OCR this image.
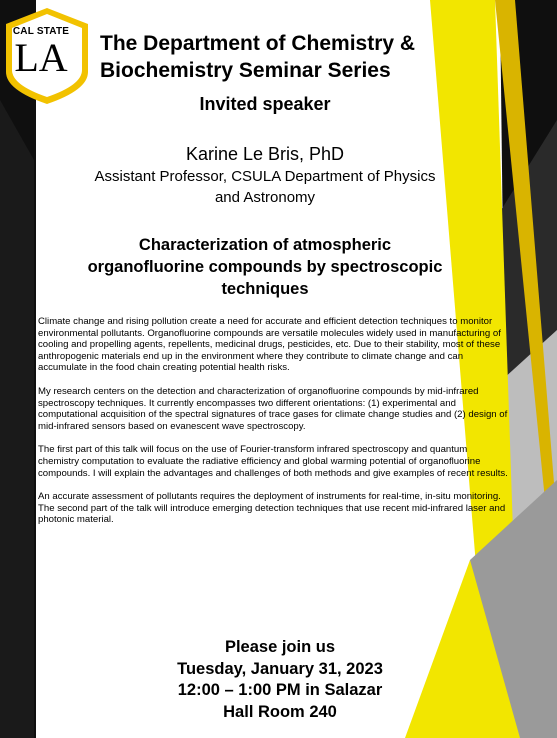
CAL STATE
LA	The Department of Chemistry &
Biochemistry Seminar Series
Invited speaker
Karine Le Bris, PhD
Assistant Professor, CSULA Department of Physics
and Astronomy
Characterization of atmospheric
organofluorine compounds by spectroscopic
techniques

Climate change and rising pollution create a need for accurate and efficient detection techniques to monitor environmental pollutants. Organofluorine compounds are versatile molecules widely used in manufacturing of cooling and propelling agents, repellents, medicinal drugs, pesticides, etc. Due to their stability, most of these anthropogenic materials end up in the environment where they contribute to climate change and can accumulate in the food chain creating potential health risks.

My research centers on the detection and characterization of organofluorine compounds by mid-infrared spectroscopy techniques. It currently encompasses two different orientations: (1) experimental and computational acquisition of the spectral signatures of trace gases for climate change studies and (2) design of mid-infrared sensors based on evanescent wave spectroscopy.

The first part of this talk will focus on the use of Fourier-transform infrared spectroscopy and quantum chemistry computation to evaluate the radiative efficiency and global warming potential of organofluorine compounds. I will explain the advantages and challenges of both methods and give examples of recent results.

An accurate assessment of pollutants requires the deployment of instruments for real-time, in-situ monitoring. The second part of the talk will introduce emerging detection techniques that use recent mid-infrared laser and photonic material.

Please join us
Tuesday, January 31, 2023
12:00 – 1:00 PM in Salazar
Hall Room 240
